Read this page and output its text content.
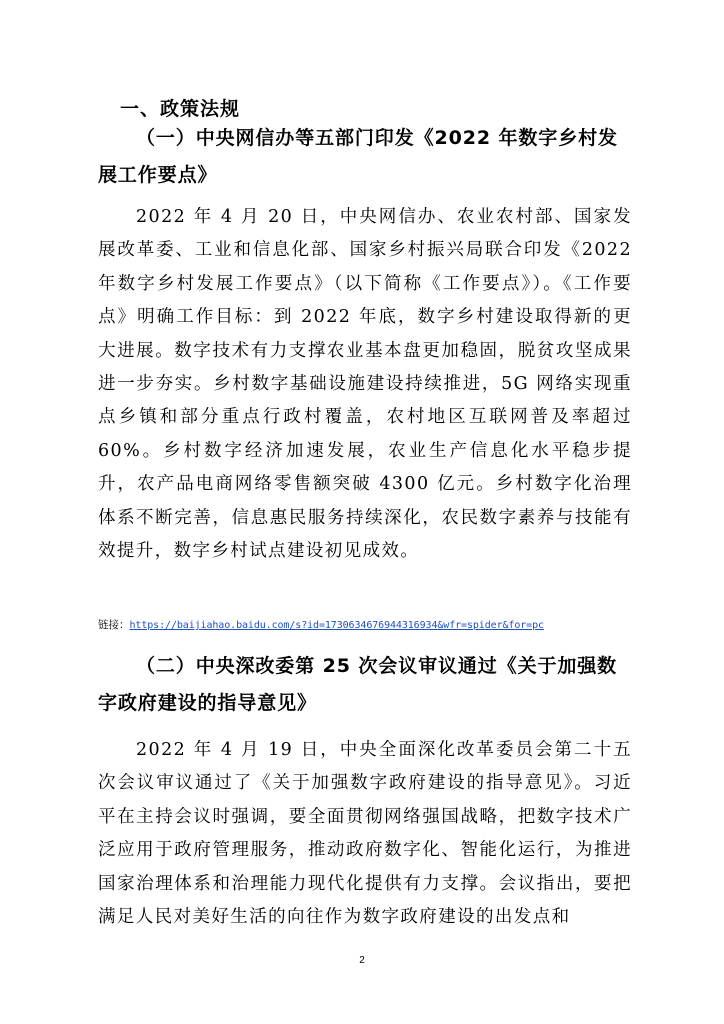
一、政策法规
（一）中央网信办等五部门印发《2022 年数字乡村发展工作要点》
2022 年 4 月 20 日，中央网信办、农业农村部、国家发展改革委、工业和信息化部、国家乡村振兴局联合印发《2022 年数字乡村发展工作要点》（以下简称《工作要点》）。《工作要点》明确工作目标：到 2022 年底，数字乡村建设取得新的更大进展。数字技术有力支撑农业基本盘更加稳固，脱贫攻坚成果进一步夯实。乡村数字基础设施建设持续推进，5G 网络实现重点乡镇和部分重点行政村覆盖，农村地区互联网普及率超过 60%。乡村数字经济加速发展，农业生产信息化水平稳步提升，农产品电商网络零售额突破 4300 亿元。乡村数字化治理体系不断完善，信息惠民服务持续深化，农民数字素养与技能有效提升，数字乡村试点建设初见成效。
链接：https://baijiahao.baidu.com/s?id=1730634676944316934&wfr=spider&for=pc
（二）中央深改委第 25 次会议审议通过《关于加强数字政府建设的指导意见》
2022 年 4 月 19 日，中央全面深化改革委员会第二十五次会议审议通过了《关于加强数字政府建设的指导意见》。习近平在主持会议时强调，要全面贯彻网络强国战略，把数字技术广泛应用于政府管理服务，推动政府数字化、智能化运行，为推进国家治理体系和治理能力现代化提供有力支撑。会议指出，要把满足人民对美好生活的向往作为数字政府建设的出发点和
2
